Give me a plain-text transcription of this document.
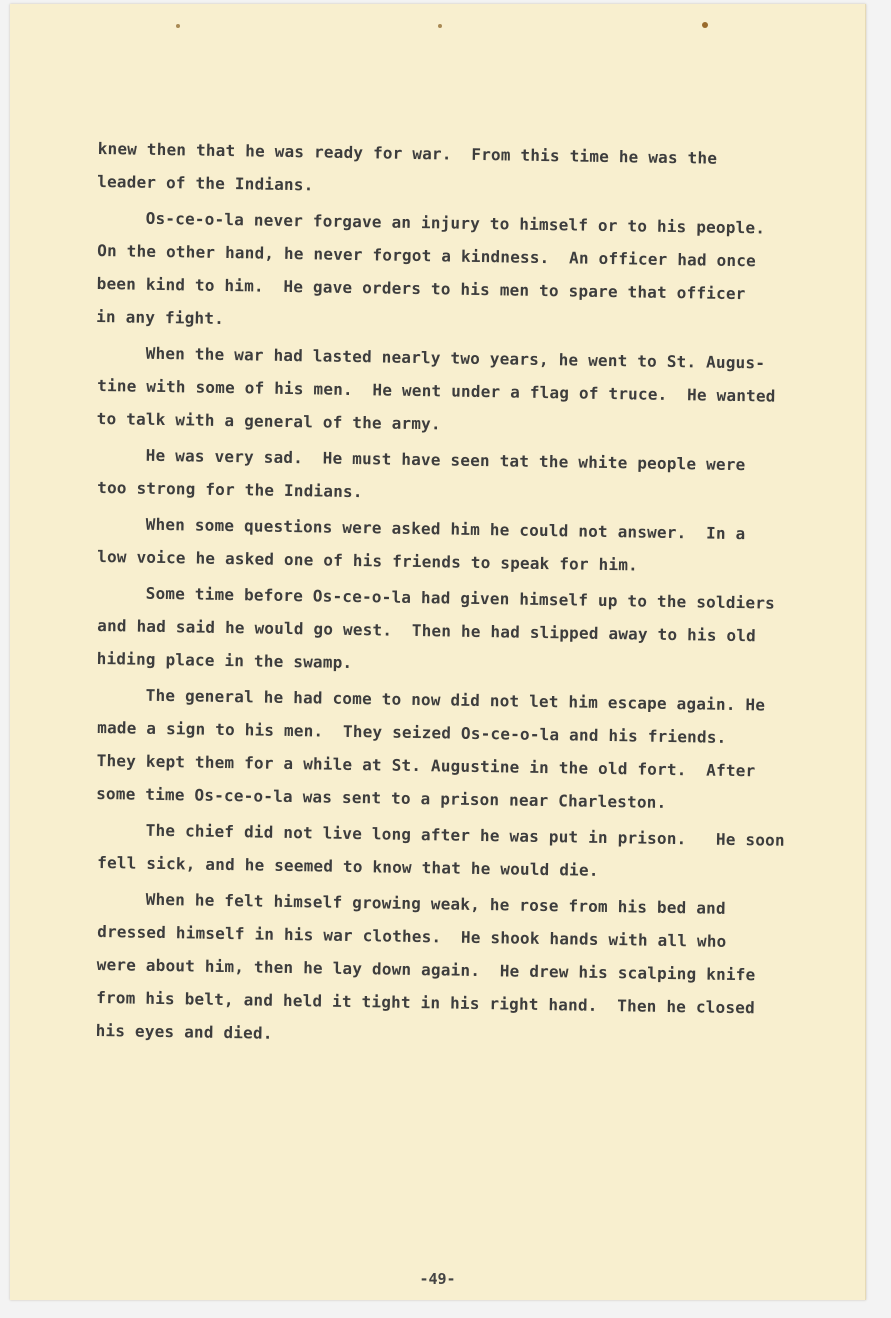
knew then that he was ready for war.  From this time he was the
leader of the Indians.

Os-ce-o-la never forgave an injury to himself or to his people.
On the other hand, he never forgot a kindness.  An officer had once
been kind to him.  He gave orders to his men to spare that officer
in any fight.

When the war had lasted nearly two years, he went to St. Augus-
tine with some of his men.  He went under a flag of truce.  He wanted
to talk with a general of the army.

He was very sad.  He must have seen tat the white people were
too strong for the Indians.

When some questions were asked him he could not answer.  In a
low voice he asked one of his friends to speak for him.

Some time before Os-ce-o-la had given himself up to the soldiers
and had said he would go west.  Then he had slipped away to his old
hiding place in the swamp.

The general he had come to now did not let him escape again. He
made a sign to his men.  They seized Os-ce-o-la and his friends.
They kept them for a while at St. Augustine in the old fort.  After
some time Os-ce-o-la was sent to a prison near Charleston.

The chief did not live long after he was put in prison.   He soon
fell sick, and he seemed to know that he would die.

When he felt himself growing weak, he rose from his bed and
dressed himself in his war clothes.  He shook hands with all who
were about him, then he lay down again.  He drew his scalping knife
from his belt, and held it tight in his right hand.  Then he closed
his eyes and died.

-49-
